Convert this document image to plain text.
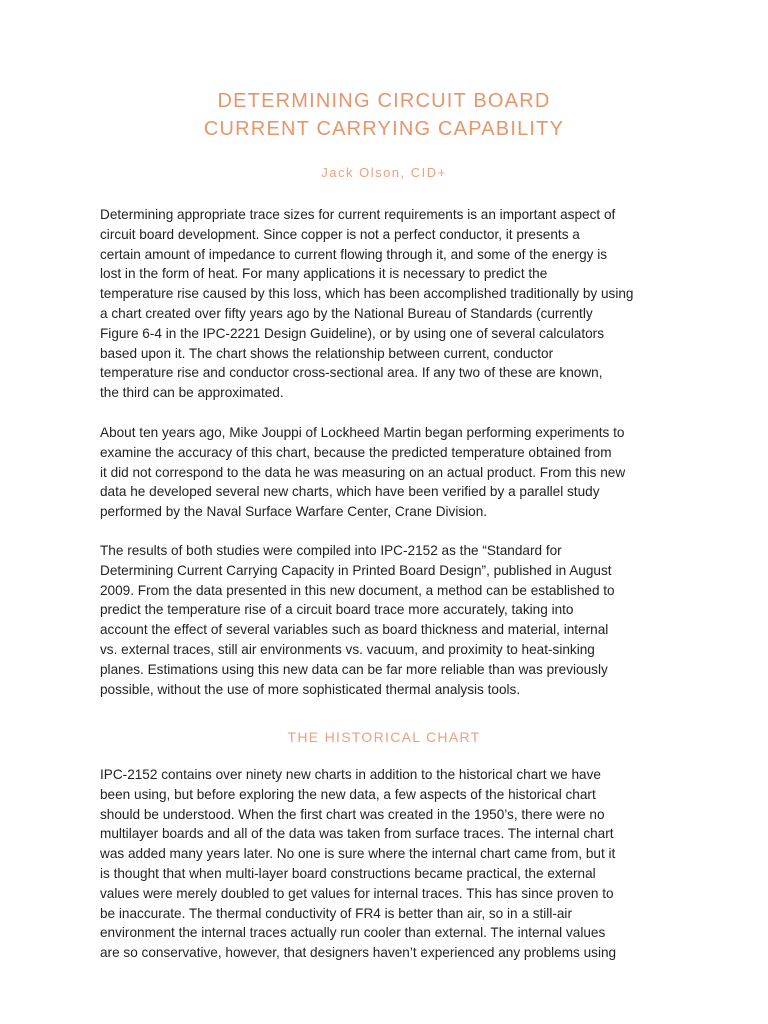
DETERMINING CIRCUIT BOARD
CURRENT CARRYING CAPABILITY
Jack Olson, CID+

Determining appropriate trace sizes for current requirements is an important aspect of
circuit board development. Since copper is not a perfect conductor, it presents a
certain amount of impedance to current flowing through it, and some of the energy is
lost in the form of heat. For many applications it is necessary to predict the
temperature rise caused by this loss, which has been accomplished traditionally by using
a chart created over fifty years ago by the National Bureau of Standards (currently
Figure 6-4 in the IPC-2221 Design Guideline), or by using one of several calculators
based upon it. The chart shows the relationship between current, conductor
temperature rise and conductor cross-sectional area. If any two of these are known,
the third can be approximated.

About ten years ago, Mike Jouppi of Lockheed Martin began performing experiments to
examine the accuracy of this chart, because the predicted temperature obtained from
it did not correspond to the data he was measuring on an actual product. From this new
data he developed several new charts, which have been verified by a parallel study
performed by the Naval Surface Warfare Center, Crane Division.

The results of both studies were compiled into IPC-2152 as the “Standard for
Determining Current Carrying Capacity in Printed Board Design”, published in August
2009. From the data presented in this new document, a method can be established to
predict the temperature rise of a circuit board trace more accurately, taking into
account the effect of several variables such as board thickness and material, internal
vs. external traces, still air environments vs. vacuum, and proximity to heat-sinking
planes. Estimations using this new data can be far more reliable than was previously
possible, without the use of more sophisticated thermal analysis tools.

THE HISTORICAL CHART

IPC-2152 contains over ninety new charts in addition to the historical chart we have
been using, but before exploring the new data, a few aspects of the historical chart
should be understood. When the first chart was created in the 1950’s, there were no
multilayer boards and all of the data was taken from surface traces. The internal chart
was added many years later. No one is sure where the internal chart came from, but it
is thought that when multi-layer board constructions became practical, the external
values were merely doubled to get values for internal traces. This has since proven to
be inaccurate. The thermal conductivity of FR4 is better than air, so in a still-air
environment the internal traces actually run cooler than external. The internal values
are so conservative, however, that designers haven’t experienced any problems using
